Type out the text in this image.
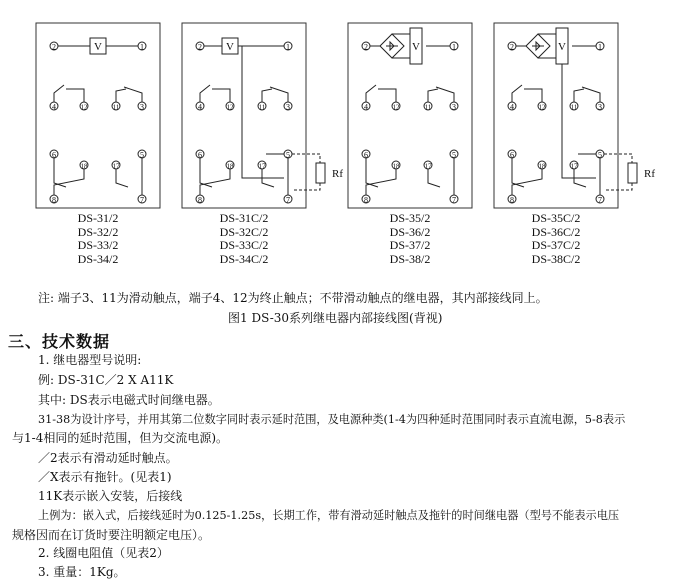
2	1
4	12	11	3
6	5
18	17
8	7
V	2	1
4	12	11	3
6	5
18	17
8	7
V
Rf
2	1
4	12	11	3
6	5
18	17
8	7
V	2	1
4	12	11	3
6	5
18	17
8	7
V
Rf
DS-31/2
DS-32/2
DS-33/2
DS-34/2
DS-31C/2
DS-32C/2
DS-33C/2
DS-34C/2
DS-35/2
DS-36/2
DS-37/2
DS-38/2
DS-35C/2
DS-36C/2
DS-37C/2
DS-38C/2
注: 端子3、11为滑动触点，端子4、12为终止触点；不带滑动触点的继电器，其内部接线同上。
图1 DS-30系列继电器内部接线图(背视)
三、技术数据
1. 继电器型号说明:
例: DS-31C／2 X A11K
其中: DS表示电磁式时间继电器。
31-38为设计序号，并用其第二位数字同时表示延时范围，及电源种类(1-4为四种延时范围同时表示直流电源，5-8表示
与1-4相同的延时范围，但为交流电源)。
／2表示有滑动延时触点。
／X表示有拖针。(见表1)
11K表示嵌入安装，后接线
上例为：嵌入式，后接线延时为0.125-1.25s，长期工作，带有滑动延时触点及拖针的时间继电器（型号不能表示电压
规格因而在订货时要注明额定电压）。
2. 线圈电阻值（见表2）
3. 重量：1Kg。
